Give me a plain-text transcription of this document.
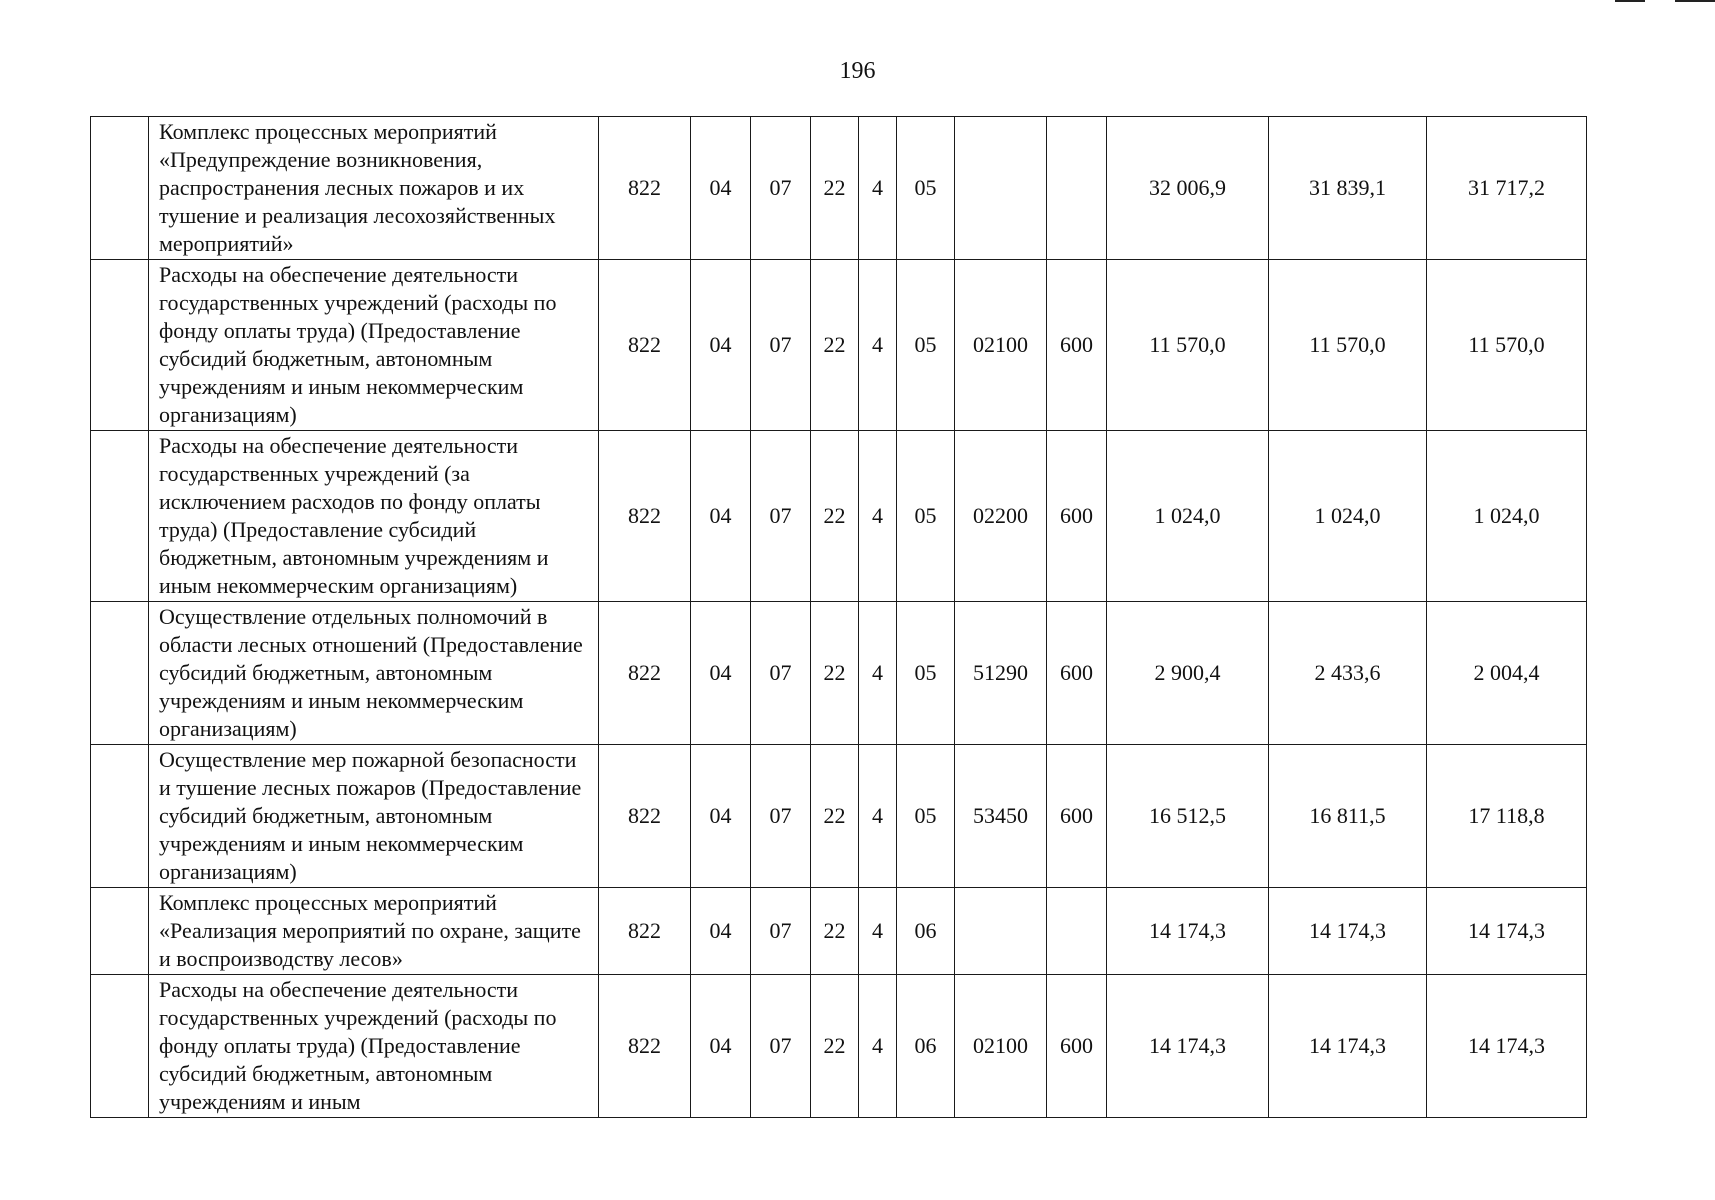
196
	Комплекс процессных мероприятий «Предупреждение возникновения, распространения лесных пожаров и их тушение и реализация лесохозяйственных мероприятий»	822	04	07	22	4	05			32 006,9	31 839,1	31 717,2
	Расходы на обеспечение деятельности государственных учреждений (расходы по фонду оплаты труда) (Предоставление субсидий бюджетным, автономным учреждениям и иным некоммерческим организациям)	822	04	07	22	4	05	02100	600	11 570,0	11 570,0	11 570,0
	Расходы на обеспечение деятельности государственных учреждений (за исключением расходов по фонду оплаты труда) (Предоставление субсидий бюджетным, автономным учреждениям и иным некоммерческим организациям)	822	04	07	22	4	05	02200	600	1 024,0	1 024,0	1 024,0
	Осуществление отдельных полномочий в области лесных отношений (Предоставление субсидий бюджетным, автономным учреждениям и иным некоммерческим организациям)	822	04	07	22	4	05	51290	600	2 900,4	2 433,6	2 004,4
	Осуществление мер пожарной безопасности и тушение лесных пожаров (Предоставление субсидий бюджетным, автономным учреждениям и иным некоммерческим организациям)	822	04	07	22	4	05	53450	600	16 512,5	16 811,5	17 118,8
	Комплекс процессных мероприятий «Реализация мероприятий по охране, защите и воспроизводству лесов»	822	04	07	22	4	06			14 174,3	14 174,3	14 174,3
	Расходы на обеспечение деятельности государственных учреждений (расходы по фонду оплаты труда) (Предоставление субсидий бюджетным, автономным учреждениям и иным	822	04	07	22	4	06	02100	600	14 174,3	14 174,3	14 174,3
